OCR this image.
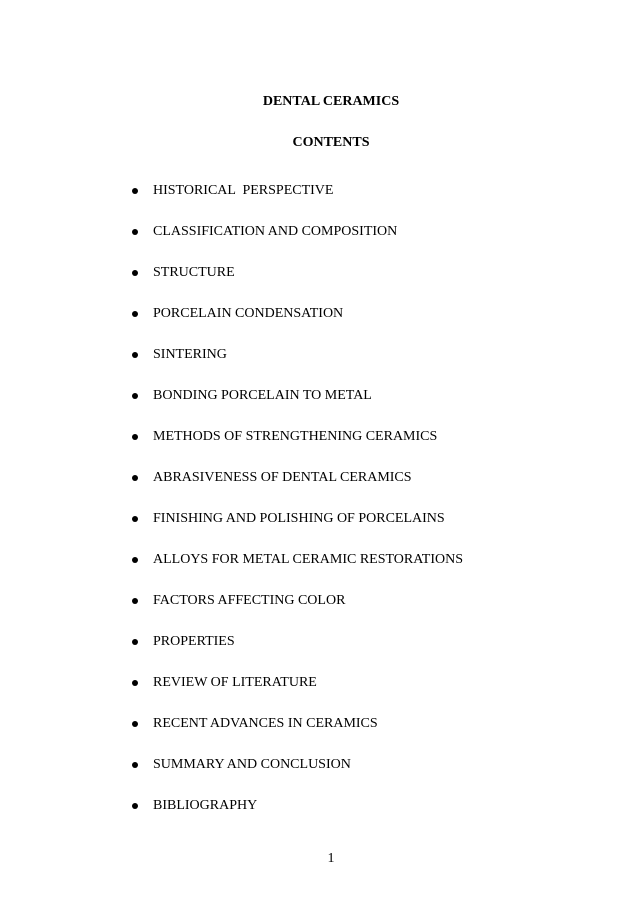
DENTAL CERAMICS
CONTENTS
HISTORICAL  PERSPECTIVE
CLASSIFICATION AND COMPOSITION
STRUCTURE
PORCELAIN CONDENSATION
SINTERING
BONDING PORCELAIN TO METAL
METHODS OF STRENGTHENING CERAMICS
ABRASIVENESS OF DENTAL CERAMICS
FINISHING AND POLISHING OF PORCELAINS
ALLOYS FOR METAL CERAMIC RESTORATIONS
FACTORS AFFECTING COLOR
PROPERTIES
REVIEW OF LITERATURE
RECENT ADVANCES IN CERAMICS
SUMMARY AND CONCLUSION
BIBLIOGRAPHY
1
